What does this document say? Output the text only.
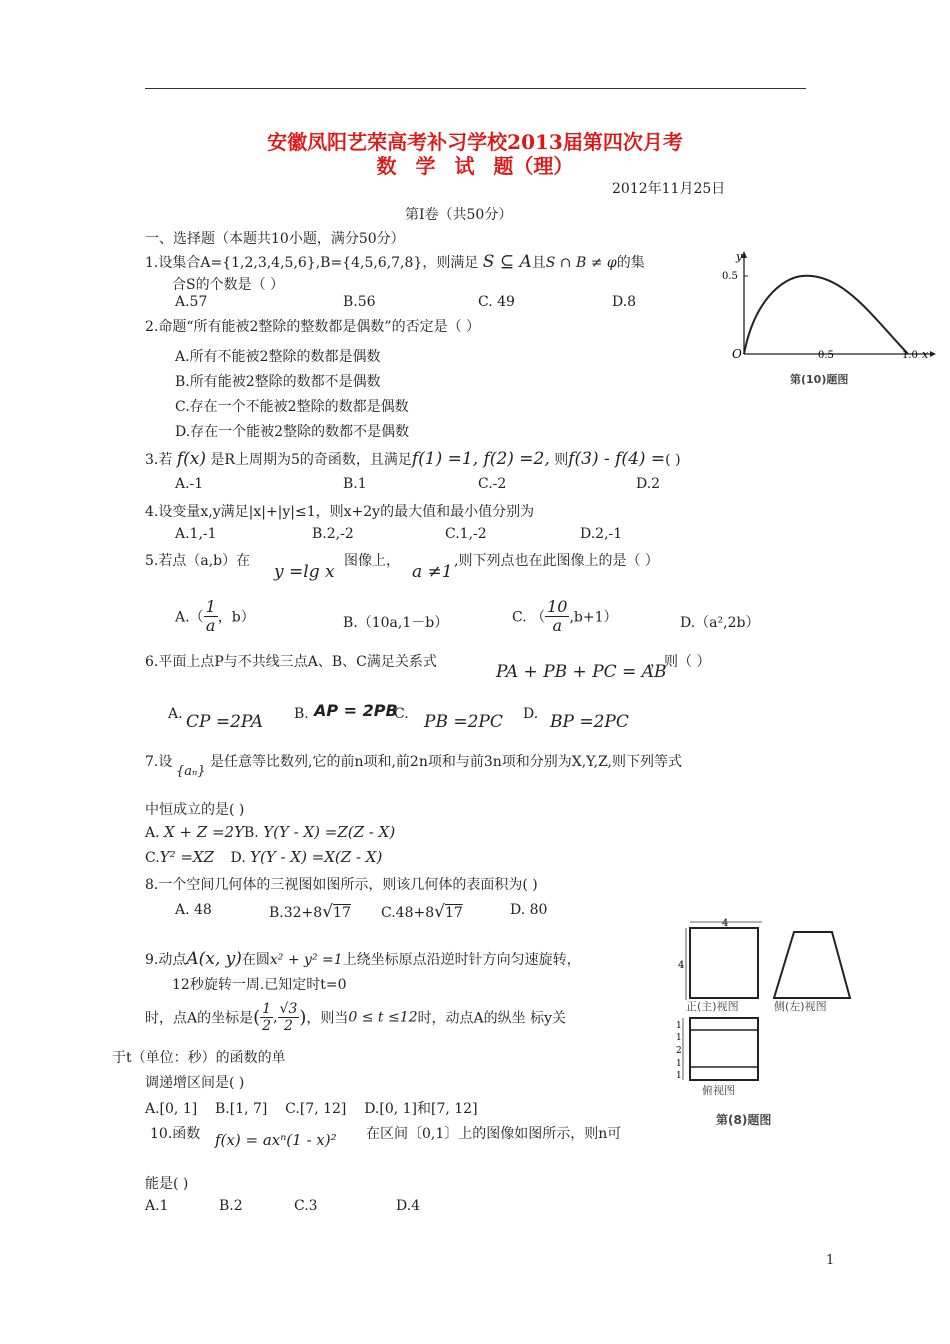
安徽凤阳艺荣高考补习学校2013届第四次月考
数 学 试 题（理）
2012年11月25日
第Ⅰ卷（共50分）
一、选择题（本题共10小题，满分50分）
1.设集合A={1,2,3,4,5,6},B={4,5,6,7,8}，则满足 S ⊆ A且S ∩ B ≠ φ的集
合S的个数是（ ）
A.57	B.56	C. 49	D.8
2.命题“所有能被2整除的整数都是偶数”的否定是（ ）
A.所有不能被2整除的数都是偶数
B.所有能被2整除的数都不是偶数
C.存在一个不能被2整除的数都是偶数
D.存在一个能被2整除的数都不是偶数
3.若 f(x) 是R上周期为5的奇函数，且满足f(1) =1, f(2) =2, 则f(3) - f(4) =( )
A.-1	B.1	C.-2	D.2
4.设变量x,y满足|x|+|y|≤1，则x+2y的最大值和最小值分别为
A.1,-1	B.2,-2	C.1,-2	D.2,-1
5.若点（a,b）在
y =lg x
图像上，
a ≠1
,则下列点也在此图像上的是（ ）
$A.( \frac{1}{a}$ ，b）	B.（10a,1－b）	C. （ $\frac{10}{a} ,b+1$）	D.（a²,2b）
6.平面上点P与不共线三点A、B、C满足关系式	PA + PB + PC = AB
，则（ ）
A. CP =2PA B. AP = 2PB
C. PB =2PC D. BP =2PC
7.设
{aₙ}
是任意等比数列,它的前n项和,前2n项和与前3n项和分别为X,Y,Z,则下列等式
中恒成立的是( )
A. X + Z =2YB. Y(Y - X) =Z(Z - X)
C.Y² =XZ D. Y(Y - X) =X(Z - X)
8.一个空间几何体的三视图如图所示，则该几何体的表面积为( )
A. 48	B.32+8√17 C.48+8√17	D. 80
9.动点A(x, y)在圆x² + y² =1上绕坐标原点沿逆时针方向匀速旋转，
12秒旋转一周.已知定时t=0
时，点A的坐标是( $\frac{1}{2}$ , $\frac{√3}{2}$ )，则当0 ≤ t ≤12时，动点A的纵坐 标y关
于t（单位：秒）的函数的单
调递增区间是( )
A.[0, 1]    B.[1, 7]    C.[7, 12]    D.[0, 1]和[7, 12]
10.函数 f(x) = axⁿ(1 - x)² 在区间〔0,1〕上的图像如图所示，则n可
能是( )
A.1	B.2	C.3	D.4
y
0.5
O	0.5	1.0 x
第(10)题图
4
4
正(主)视图	侧(左)视图
1
1
2
1
1
俯视图
第(8)题图
1
